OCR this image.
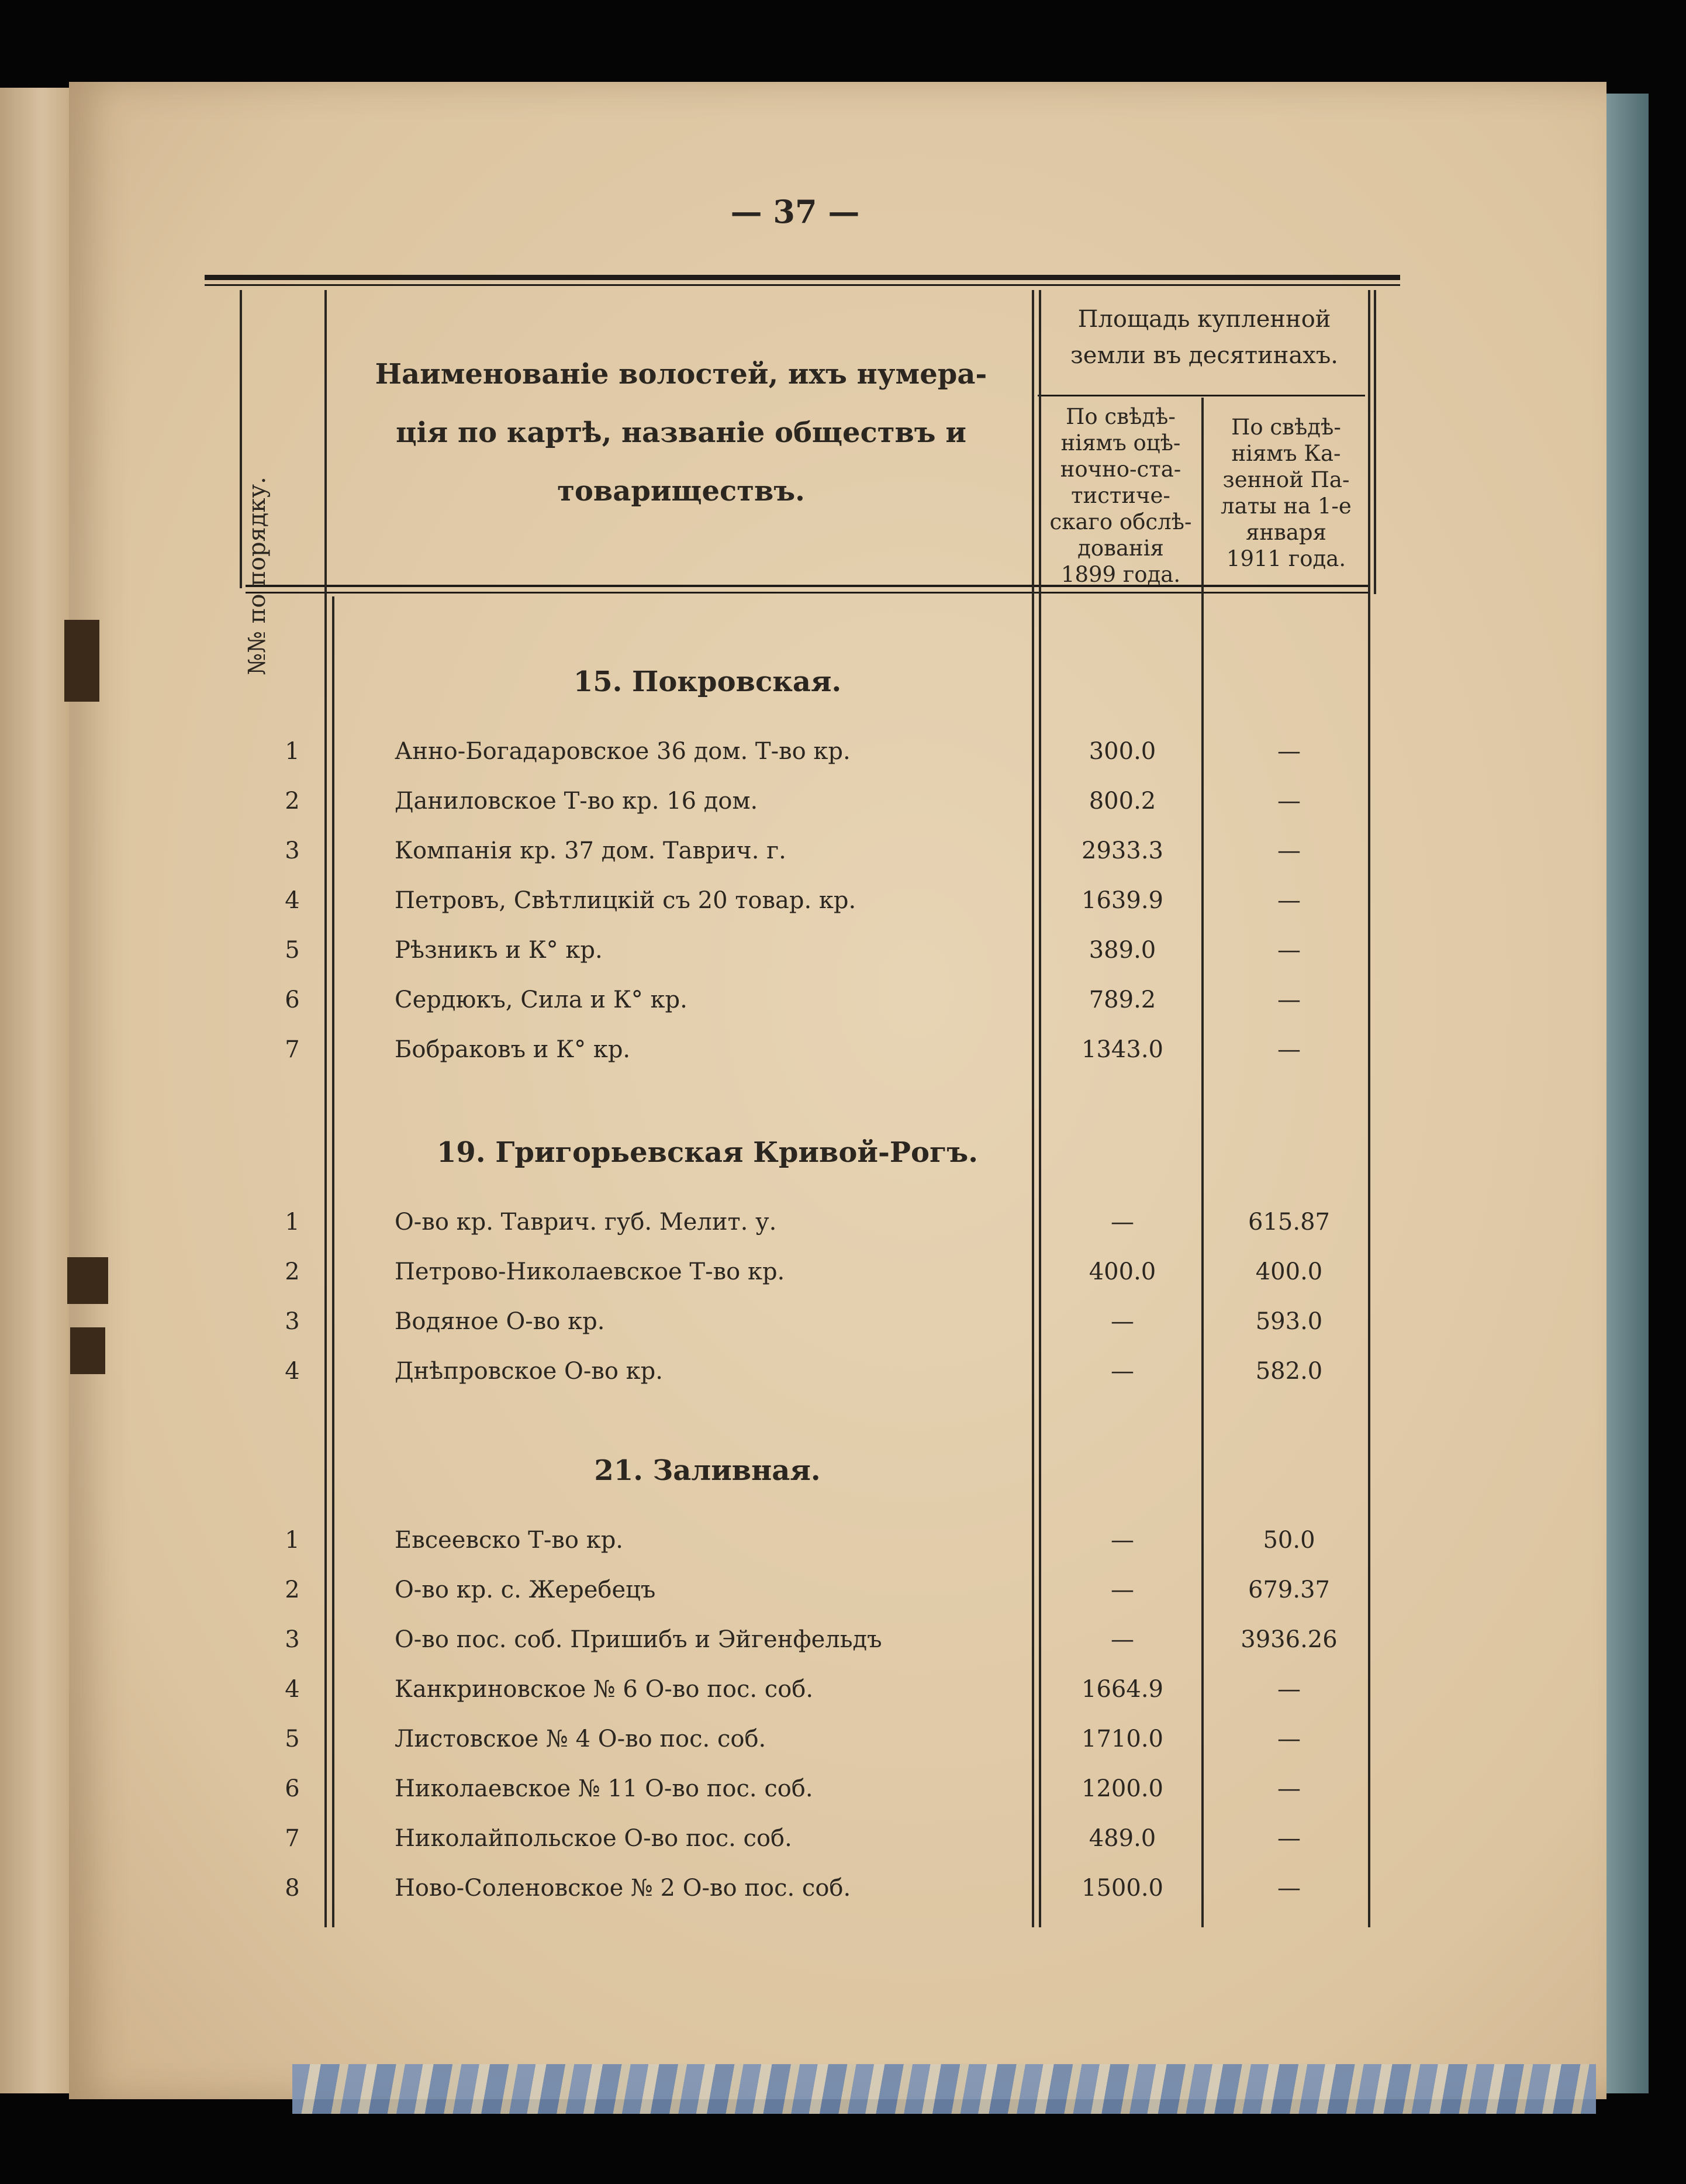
— 37 —
№№ по порядку.
Наименованіе волостей, ихъ нумера-
ція по картѣ, названіе обществъ и
товариществъ.
Площадь купленной
земли въ десятинахъ.
По свѣдѣ-
ніямъ оцѣ-
ночно-ста-
тистиче-
скаго обслѣ-
дованія
1899 года.
По свѣдѣ-
ніямъ Ка-
зенной Па-
латы на 1-е
января
1911 года.
15. Покровская.
1	Анно-Богадаровское 36 дом. Т-во кр.	300.0	—
2	Даниловское Т-во кр. 16 дом.	800.2	—
3	Компанія кр. 37 дом. Таврич. г.	2933.3	—
4	Петровъ, Свѣтлицкій съ 20 товар. кр.	1639.9	—
5	Рѣзникъ и К° кр.	389.0	—
6	Сердюкъ, Сила и К° кр.	789.2	—
7	Бобраковъ и К° кр.	1343.0	—
19. Григорьевская Кривой-Рогъ.
1	О-во кр. Таврич. губ. Мелит. у.	—	615.87
2	Петрово-Николаевское Т-во кр.	400.0	400.0
3	Водяное О-во кр.	—	593.0
4	Днѣпровское О-во кр.	—	582.0
21. Заливная.
1	Евсеевско Т-во кр.	—	50.0
2	О-во кр. с. Жеребецъ	—	679.37
3	О-во пос. соб. Пришибъ и Эйгенфельдъ	—	3936.26
4	Канкриновское № 6 О-во пос. соб.	1664.9	—
5	Листовское № 4 О-во пос. соб.	1710.0	—
6	Николаевское № 11 О-во пос. соб.	1200.0	—
7	Николайпольское О-во пос. соб.	489.0	—
8	Ново-Соленовское № 2 О-во пос. соб.	1500.0	—
